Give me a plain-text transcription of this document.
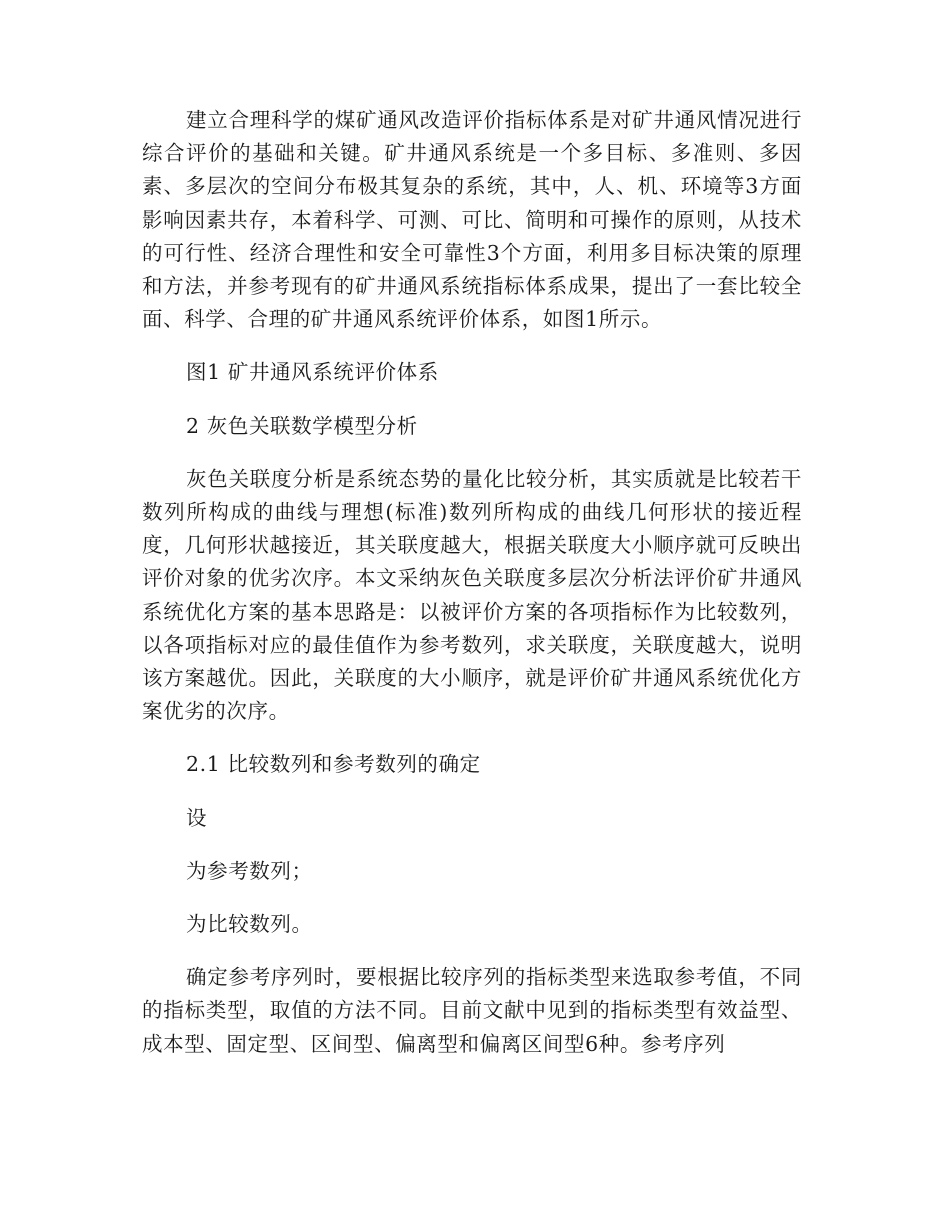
建立合理科学的煤矿通风改造评价指标体系是对矿井通风情况进行综合评价的基础和关键。矿井通风系统是一个多目标、多准则、多因素、多层次的空间分布极其复杂的系统，其中，人、机、环境等3方面影响因素共存，本着科学、可测、可比、简明和可操作的原则，从技术的可行性、经济合理性和安全可靠性3个方面，利用多目标决策的原理和方法，并参考现有的矿井通风系统指标体系成果，提出了一套比较全面、科学、合理的矿井通风系统评价体系，如图1所示。

图1 矿井通风系统评价体系

2 灰色关联数学模型分析

灰色关联度分析是系统态势的量化比较分析，其实质就是比较若干数列所构成的曲线与理想(标准)数列所构成的曲线几何形状的接近程度，几何形状越接近，其关联度越大，根据关联度大小顺序就可反映出评价对象的优劣次序。本文采纳灰色关联度多层次分析法评价矿井通风系统优化方案的基本思路是：以被评价方案的各项指标作为比较数列，以各项指标对应的最佳值作为参考数列，求关联度，关联度越大，说明该方案越优。因此，关联度的大小顺序，就是评价矿井通风系统优化方案优劣的次序。

2.1 比较数列和参考数列的确定

设

为参考数列；

为比较数列。

确定参考序列时，要根据比较序列的指标类型来选取参考值，不同的指标类型，取值的方法不同。目前文献中见到的指标类型有效益型、成本型、固定型、区间型、偏离型和偏离区间型6种。参考序列
